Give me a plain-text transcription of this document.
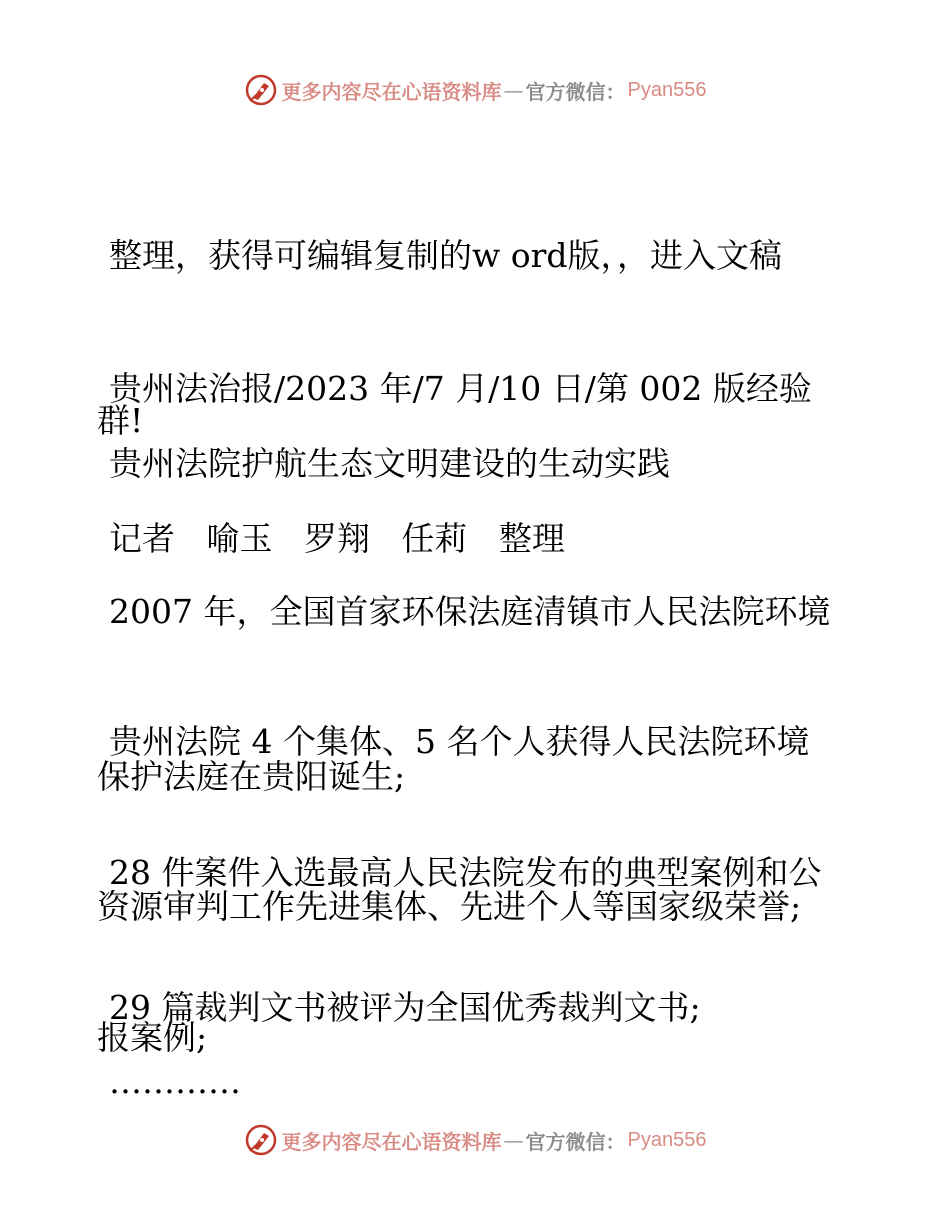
更多内容尽在心语资料库 — 官方微信： Pyan556

整理，获得可编辑复制的w ord版，，进入文稿

群!

贵州法治报/2023 年/7 月/10 日/第 002 版经验

贵州法院护航生态文明建设的生动实践

记者   喻玉   罗翔   任莉   整理

2007 年，全国首家环保法庭清镇市人民法院环境

保护法庭在贵阳诞生;

贵州法院 4 个集体、5 名个人获得人民法院环境

资源审判工作先进集体、先进个人等国家级荣誉;

28 件案件入选最高人民法院发布的典型案例和公

报案例;

29 篇裁判文书被评为全国优秀裁判文书;

…………

更多内容尽在心语资料库 — 官方微信： Pyan556
